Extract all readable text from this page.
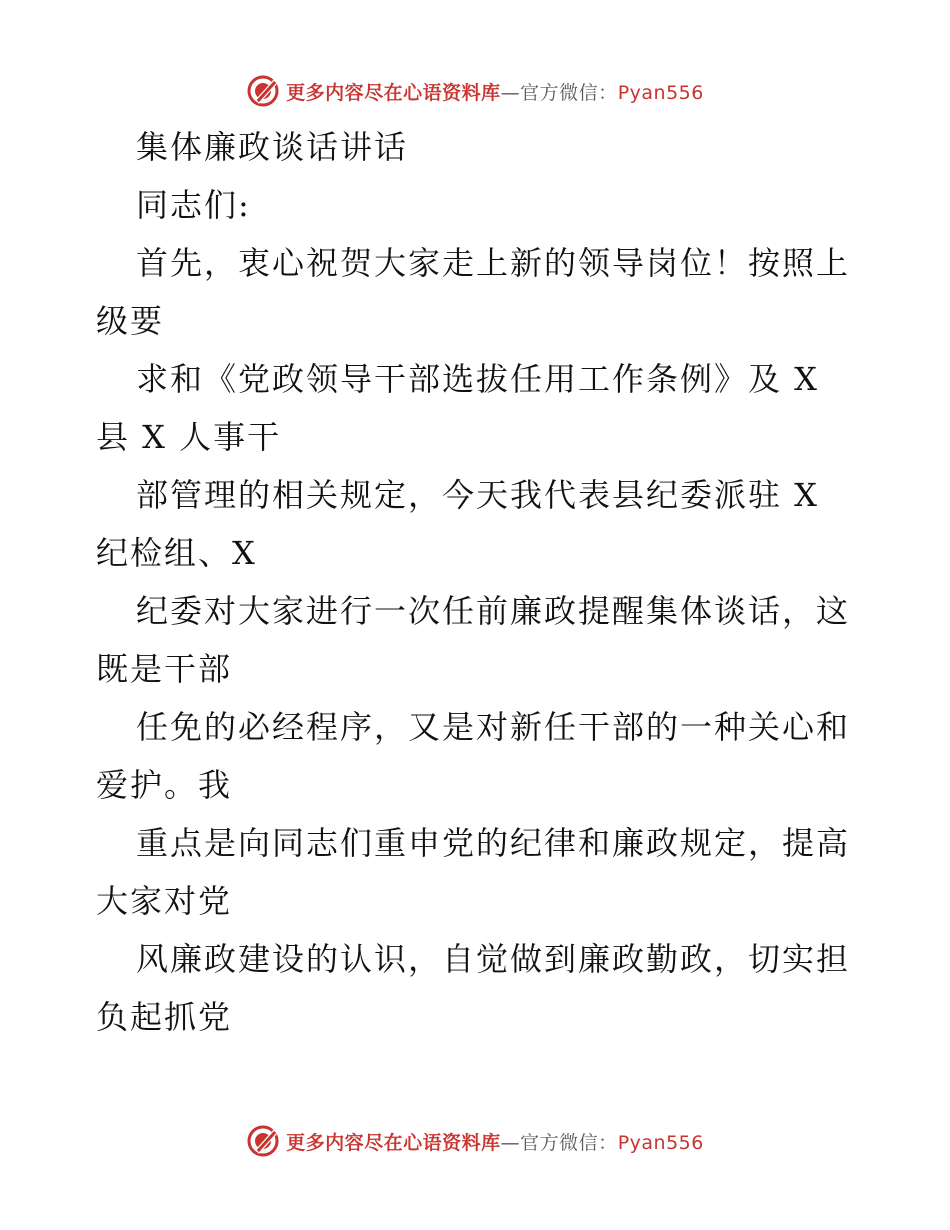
更多内容尽在心语资料库—官方微信：Pyan556
集体廉政谈话讲话
同志们:
首先，衷心祝贺大家走上新的领导岗位！按照上
级要
求和《党政领导干部选拔任用工作条例》及 X
县 X 人事干
部管理的相关规定，今天我代表县纪委派驻 X
纪检组、X
纪委对大家进行一次任前廉政提醒集体谈话，这
既是干部
任免的必经程序，又是对新任干部的一种关心和
爱护。我
重点是向同志们重申党的纪律和廉政规定，提高
大家对党
风廉政建设的认识，自觉做到廉政勤政，切实担
负起抓党
更多内容尽在心语资料库—官方微信：Pyan556
